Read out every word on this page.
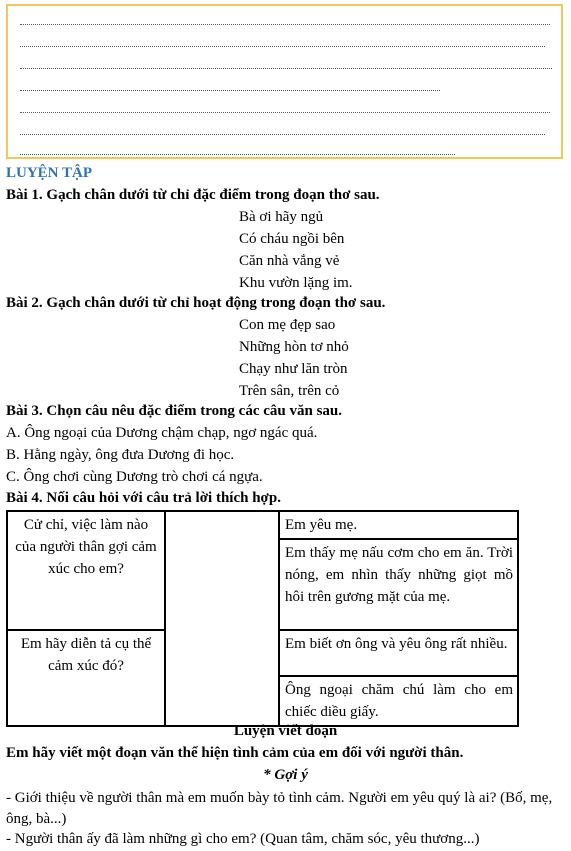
LUYỆN TẬP
Bài 1. Gạch chân dưới từ chỉ đặc điểm trong đoạn thơ sau.
Bà ơi hãy ngủ
Có cháu ngồi bên
Căn nhà vắng vẻ
Khu vườn lặng im.
Bài 2. Gạch chân dưới từ chỉ hoạt động trong đoạn thơ sau.
Con mẹ đẹp sao
Những hòn tơ nhỏ
Chạy như lăn tròn
Trên sân, trên cỏ
Bài 3. Chọn câu nêu đặc điểm trong các câu văn sau.
A. Ông ngoại của Dương chậm chạp, ngơ ngác quá.
B. Hằng ngày, ông đưa Dương đi học.
C. Ông chơi cùng Dương trò chơi cá ngựa.
Bài 4. Nối câu hỏi với câu trả lời thích hợp.
Cử chỉ, việc làm nào của người thân gợi cảm xúc cho em?		Em yêu mẹ.
		Em thấy mẹ nấu cơm cho em ăn. Trời nóng, em nhìn thấy những giọt mồ hôi trên gương mặt của mẹ.
Em hãy diễn tả cụ thể cảm xúc đó?		Em biết ơn ông và yêu ông rất nhiều.
		Ông ngoại chăm chú làm cho em chiếc diều giấy.
Luyện viết đoạn
Em hãy viết một đoạn văn thể hiện tình cảm của em đối với người thân.
* Gợi ý
- Giới thiệu về người thân mà em muốn bày tỏ tình cảm. Người em yêu quý là ai? (Bố, mẹ, ông, bà...)
- Người thân ấy đã làm những gì cho em? (Quan tâm, chăm sóc, yêu thương...)
